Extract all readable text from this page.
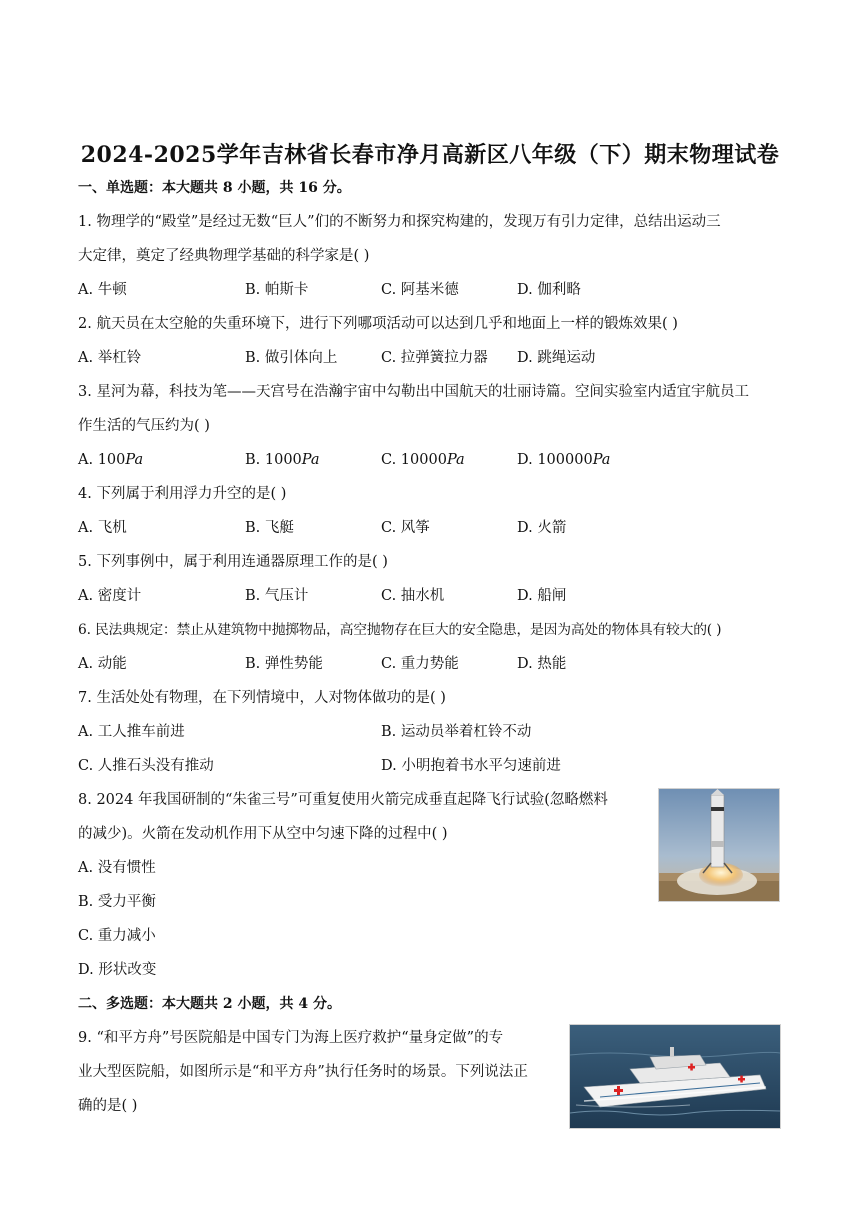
2024-2025学年吉林省长春市净月高新区八年级（下）期末物理试卷
一、单选题：本大题共 8 小题，共 16 分。
1. 物理学的“殿堂”是经过无数“巨人”们的不断努力和探究构建的，发现万有引力定律，总结出运动三
大定律，奠定了经典物理学基础的科学家是( )
A. 牛顿	B. 帕斯卡	C. 阿基米德	D. 伽利略
2. 航天员在太空舱的失重环境下，进行下列哪项活动可以达到几乎和地面上一样的锻炼效果( )
A. 举杠铃	B. 做引体向上	C. 拉弹簧拉力器 D. 跳绳运动
3. 星河为幕，科技为笔——天宫号在浩瀚宇宙中勾勒出中国航天的壮丽诗篇。空间实验室内适宜宇航员工
作生活的气压约为( )
A. 100Pa	B. 1000Pa	C. 10000Pa	D. 100000Pa
4. 下列属于利用浮力升空的是( )
A. 飞机	B. 飞艇	C. 风筝	D. 火箭
5. 下列事例中，属于利用连通器原理工作的是( )
A. 密度计	B. 气压计	C. 抽水机	D. 船闸
6. 民法典规定：禁止从建筑物中抛掷物品，高空抛物存在巨大的安全隐患，是因为高处的物体具有较大的( )
A. 动能	B. 弹性势能	C. 重力势能	D. 热能
7. 生活处处有物理，在下列情境中，人对物体做功的是( )
A. 工人推车前进	B. 运动员举着杠铃不动
C. 人推石头没有推动	D. 小明抱着书水平匀速前进
8. 2024 年我国研制的“朱雀三号”可重复使用火箭完成垂直起降飞行试验(忽略燃料
的减少)。火箭在发动机作用下从空中匀速下降的过程中( )
A. 没有惯性
B. 受力平衡
C. 重力减小
D. 形状改变
二、多选题：本大题共 2 小题，共 4 分。
9. “和平方舟”号医院船是中国专门为海上医疗救护“量身定做”的专
业大型医院船，如图所示是“和平方舟”执行任务时的场景。下列说法正
确的是( )
